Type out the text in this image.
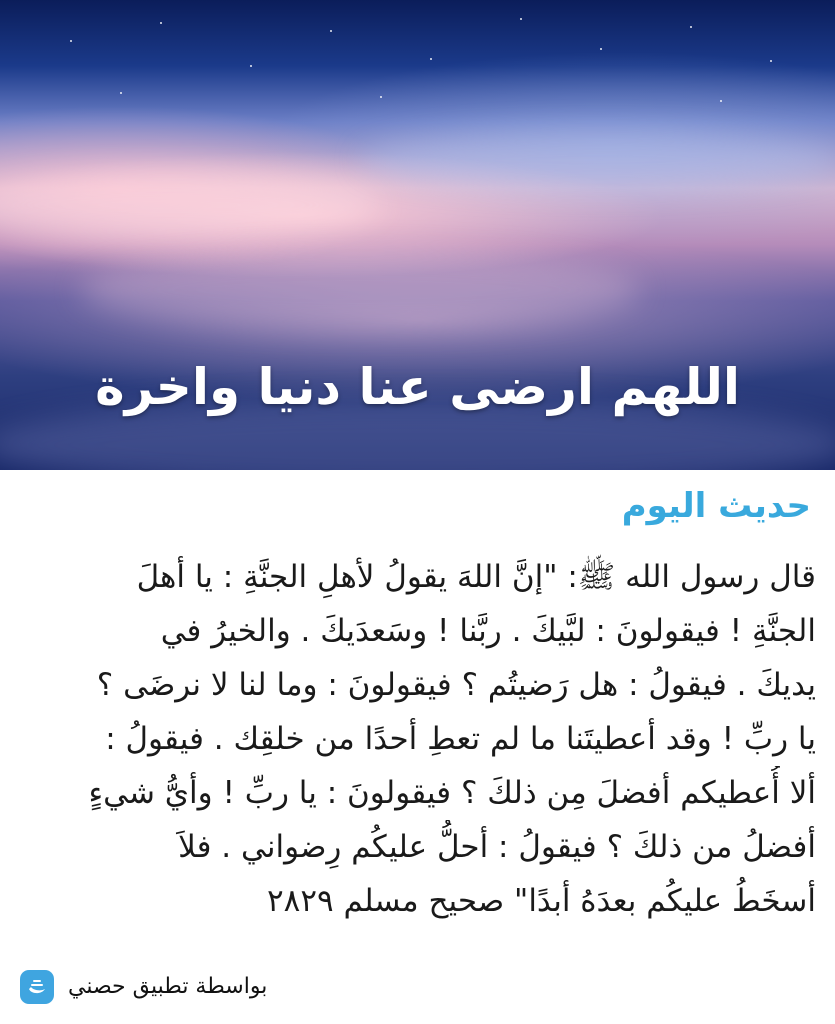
اللهم ارضى عنا دنيا واخرة
حديث اليوم
قال رسول الله ﷺ: "إنَّ اللهَ يقولُ لأهلِ الجنَّةِ : يا أهلَ
الجنَّةِ ! فيقولونَ : لبَّيكَ . ربَّنا ! وسَعدَيكَ . والخيرُ في
يديكَ . فيقولُ : هل رَضيتُم ؟ فيقولونَ : وما لنا لا نرضَى ؟
يا ربِّ ! وقد أعطيتَنا ما لم تعطِ أحدًا من خلقِك . فيقولُ :
ألا أُعطيكم أفضلَ مِن ذلكَ ؟ فيقولونَ : يا ربِّ ! وأيُّ شيءٍ
أفضلُ من ذلكَ ؟ فيقولُ : أحلُّ عليكُم رِضواني . فلاَ
أسخَطُ عليكُم بعدَهُ أبدًا" صحيح مسلم ٢٨٢٩
بواسطة تطبيق حصني
